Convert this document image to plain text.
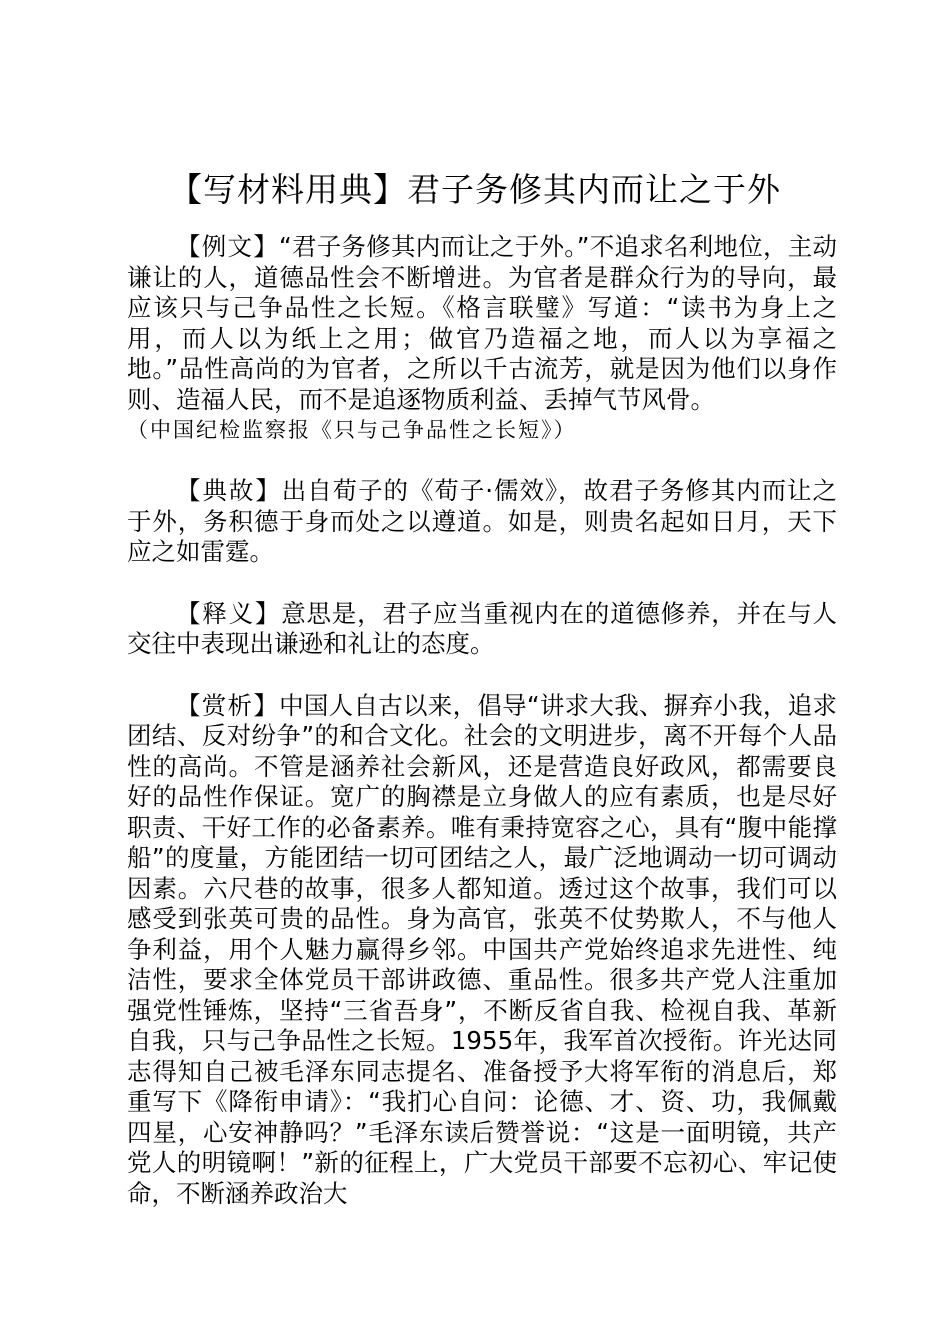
【写材料用典】君子务修其内而让之于外

【例文】“君子务修其内而让之于外。”不追求名利地位，主动谦让的人，道德品性会不断增进。为官者是群众行为的导向，最应该只与己争品性之长短。《格言联璧》写道：“读书为身上之用，而人以为纸上之用；做官乃造福之地，而人以为享福之地。”品性高尚的为官者，之所以千古流芳，就是因为他们以身作则、造福人民，而不是追逐物质利益、丢掉气节风骨。

（中国纪检监察报《只与己争品性之长短》）

【典故】出自荀子的《荀子·儒效》，故君子务修其内而让之于外，务积德于身而处之以遵道。如是，则贵名起如日月，天下应之如雷霆。

【释义】意思是，君子应当重视内在的道德修养，并在与人交往中表现出谦逊和礼让的态度。

【赏析】中国人自古以来，倡导“讲求大我、摒弃小我，追求团结、反对纷争”的和合文化。社会的文明进步，离不开每个人品性的高尚。不管是涵养社会新风，还是营造良好政风，都需要良好的品性作保证。宽广的胸襟是立身做人的应有素质，也是尽好职责、干好工作的必备素养。唯有秉持宽容之心，具有“腹中能撑船”的度量，方能团结一切可团结之人，最广泛地调动一切可调动因素。六尺巷的故事，很多人都知道。透过这个故事，我们可以感受到张英可贵的品性。身为高官，张英不仗势欺人，不与他人争利益，用个人魅力赢得乡邻。中国共产党始终追求先进性、纯洁性，要求全体党员干部讲政德、重品性。很多共产党人注重加强党性锤炼，坚持“三省吾身”，不断反省自我、检视自我、革新自我，只与己争品性之长短。1955年，我军首次授衔。许光达同志得知自己被毛泽东同志提名、准备授予大将军衔的消息后，郑重写下《降衔申请》：“我扪心自问：论德、才、资、功，我佩戴四星，心安神静吗？”毛泽东读后赞誉说：“这是一面明镜，共产党人的明镜啊！”新的征程上，广大党员干部要不忘初心、牢记使命，不断涵养政治大
